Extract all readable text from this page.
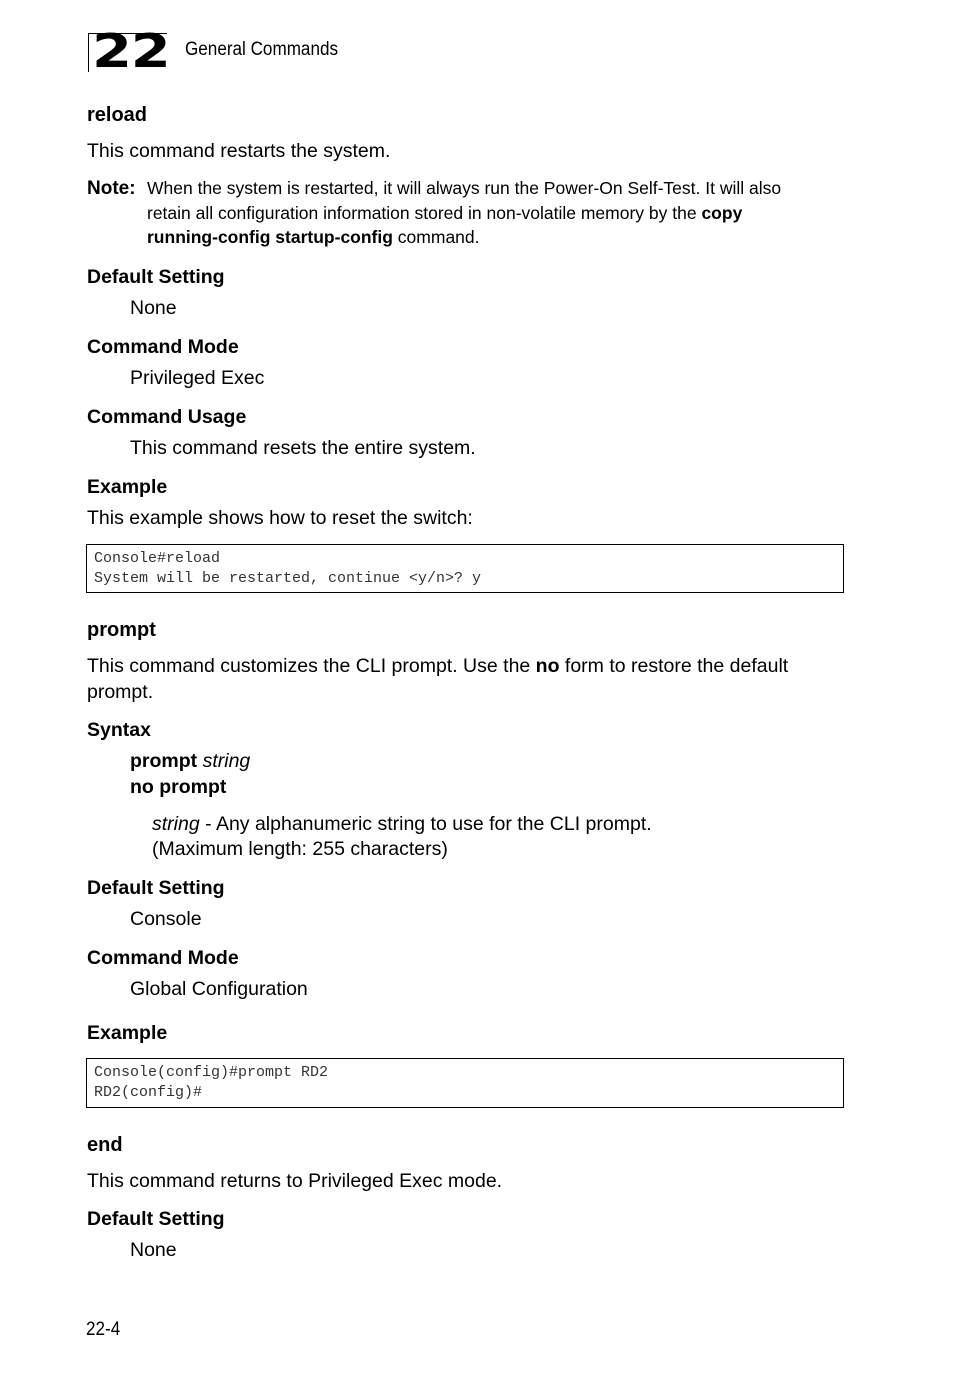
22 General Commands
reload
This command restarts the system.
Note: When the system is restarted, it will always run the Power-On Self-Test. It will also
retain all configuration information stored in non-volatile memory by the copy
running-config startup-config command.
Default Setting
None
Command Mode
Privileged Exec
Command Usage
This command resets the entire system.
Example
This example shows how to reset the switch:
Console#reload
System will be restarted, continue <y/n>? y
prompt
This command customizes the CLI prompt. Use the no form to restore the default
prompt.
Syntax
prompt string
no prompt
string - Any alphanumeric string to use for the CLI prompt.
(Maximum length: 255 characters)
Default Setting
Console
Command Mode
Global Configuration
Example
Console(config)#prompt RD2
RD2(config)#
end
This command returns to Privileged Exec mode.
Default Setting
None
22-4
